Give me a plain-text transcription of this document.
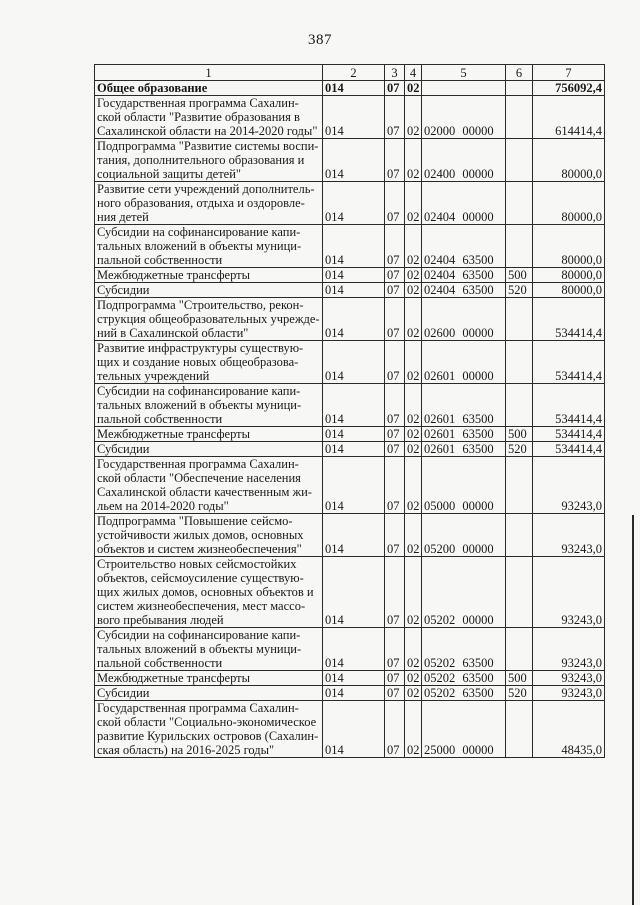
387
1	2	3	4	5	6	7

Общее образование	014	07	02			756092,4

Государственная программа Сахалин-
ской области "Развитие образования в
Сахалинской области на 2014-2020 годы"	014	07	02	02000 00000		614414,4

Подпрограмма "Развитие системы воспи-
тания, дополнительного образования и
социальной защиты детей"	014	07	02	02400 00000		80000,0

Развитие сети учреждений дополнитель-
ного образования, отдыха и оздоровле-
ния детей	014	07	02	02404 00000		80000,0

Субсидии на софинансирование капи-
тальных вложений в объекты муници-
пальной собственности	014	07	02	02404 63500		80000,0

Межбюджетные трансферты	014	07	02	02404 63500	500	80000,0

Субсидии	014	07	02	02404 63500	520	80000,0

Подпрограмма "Строительство, рекон-
струкция общеобразовательных учрежде-
ний в Сахалинской области"	014	07	02	02600 00000		534414,4

Развитие инфраструктуры существую-
щих и создание новых общеобразова-
тельных учреждений	014	07	02	02601 00000		534414,4

Субсидии на софинансирование капи-
тальных вложений в объекты муници-
пальной собственности	014	07	02	02601 63500		534414,4

Межбюджетные трансферты	014	07	02	02601 63500	500	534414,4

Субсидии	014	07	02	02601 63500	520	534414,4

Государственная программа Сахалин-
ской области "Обеспечение населения
Сахалинской области качественным жи-
льем на 2014-2020 годы"	014	07	02	05000 00000		93243,0

Подпрограмма "Повышение сейсмо-
устойчивости жилых домов, основных
объектов и систем жизнеобеспечения"	014	07	02	05200 00000		93243,0

Строительство новых сейсмостойких
объектов, сейсмоусиление существую-
щих жилых домов, основных объектов и
систем жизнеобеспечения, мест массо-
вого пребывания людей	014	07	02	05202 00000		93243,0

Субсидии на софинансирование капи-
тальных вложений в объекты муници-
пальной собственности	014	07	02	05202 63500		93243,0

Межбюджетные трансферты	014	07	02	05202 63500	500	93243,0

Субсидии	014	07	02	05202 63500	520	93243,0

Государственная программа Сахалин-
ской области "Социально-экономическое
развитие Курильских островов (Сахалин-
ская область) на 2016-2025 годы"	014	07	02	25000 00000		48435,0
